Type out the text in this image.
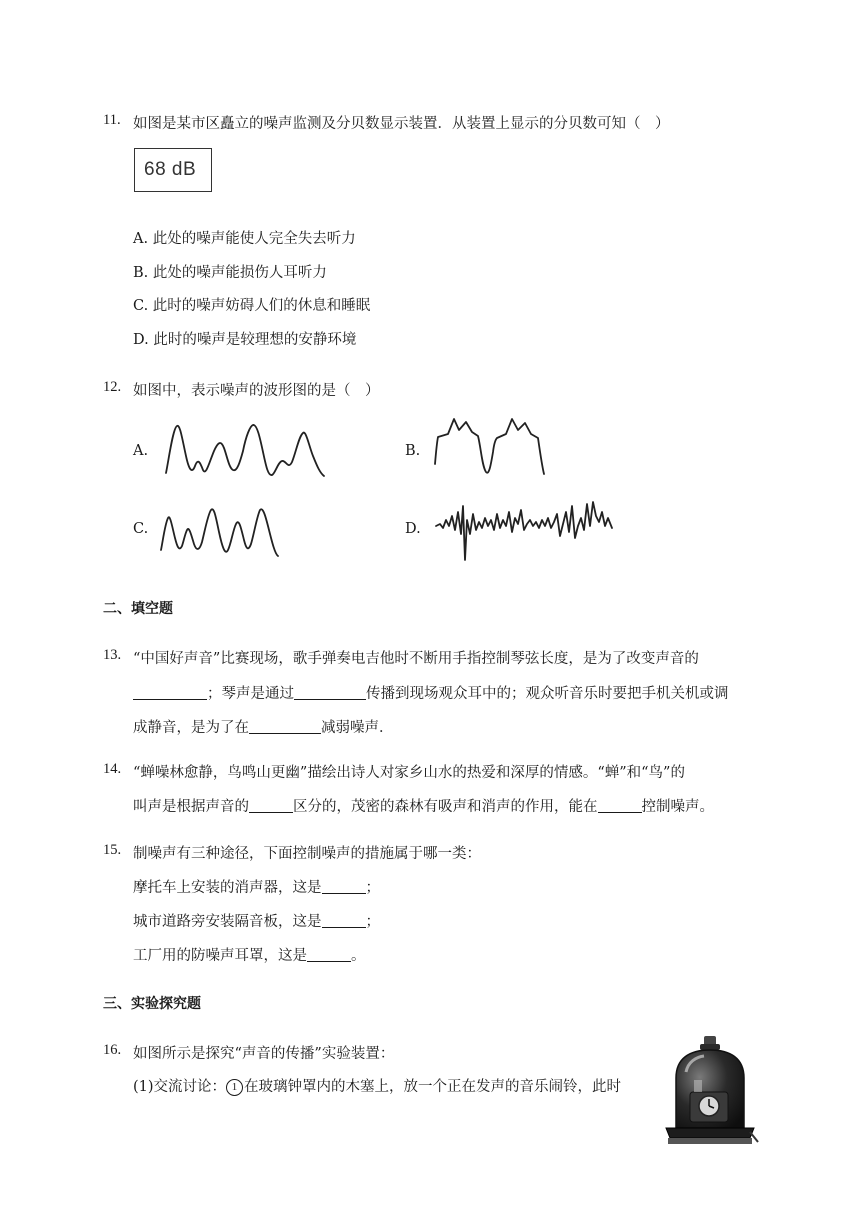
11. 如图是某市区矗立的噪声监测及分贝数显示装置．从装置上显示的分贝数可知（　）
68 dB
A. 此处的噪声能使人完全失去听力
B. 此处的噪声能损伤人耳听力
C. 此时的噪声妨碍人们的休息和睡眠
D. 此时的噪声是较理想的安静环境
12. 如图中，表示噪声的波形图的是（　）
A.	B.
C.	D.
二、填空题
13. “中国好声音”比赛现场，歌手弹奏电吉他时不断用手指控制琴弦长度，是为了改变声音的
；琴声是通过	传播到现场观众耳中的；观众听音乐时要把手机关机或调
成静音，是为了在	减弱噪声．
14. “蝉噪林愈静，鸟鸣山更幽”描绘出诗人对家乡山水的热爱和深厚的情感。“蝉”和“鸟”的
叫声是根据声音的	区分的，茂密的森林有吸声和消声的作用，能在	控制噪声。
15. 制噪声有三种途径，下面控制噪声的措施属于哪一类：
摩托车上安装的消声器，这是	；
城市道路旁安装隔音板，这是	；
工厂用的防噪声耳罩，这是	。
三、实验探究题
16. 如图所示是探究“声音的传播”实验装置：
(1)交流讨论： 1 在玻璃钟罩内的木塞上，放一个正在发声的音乐闹铃，此时
